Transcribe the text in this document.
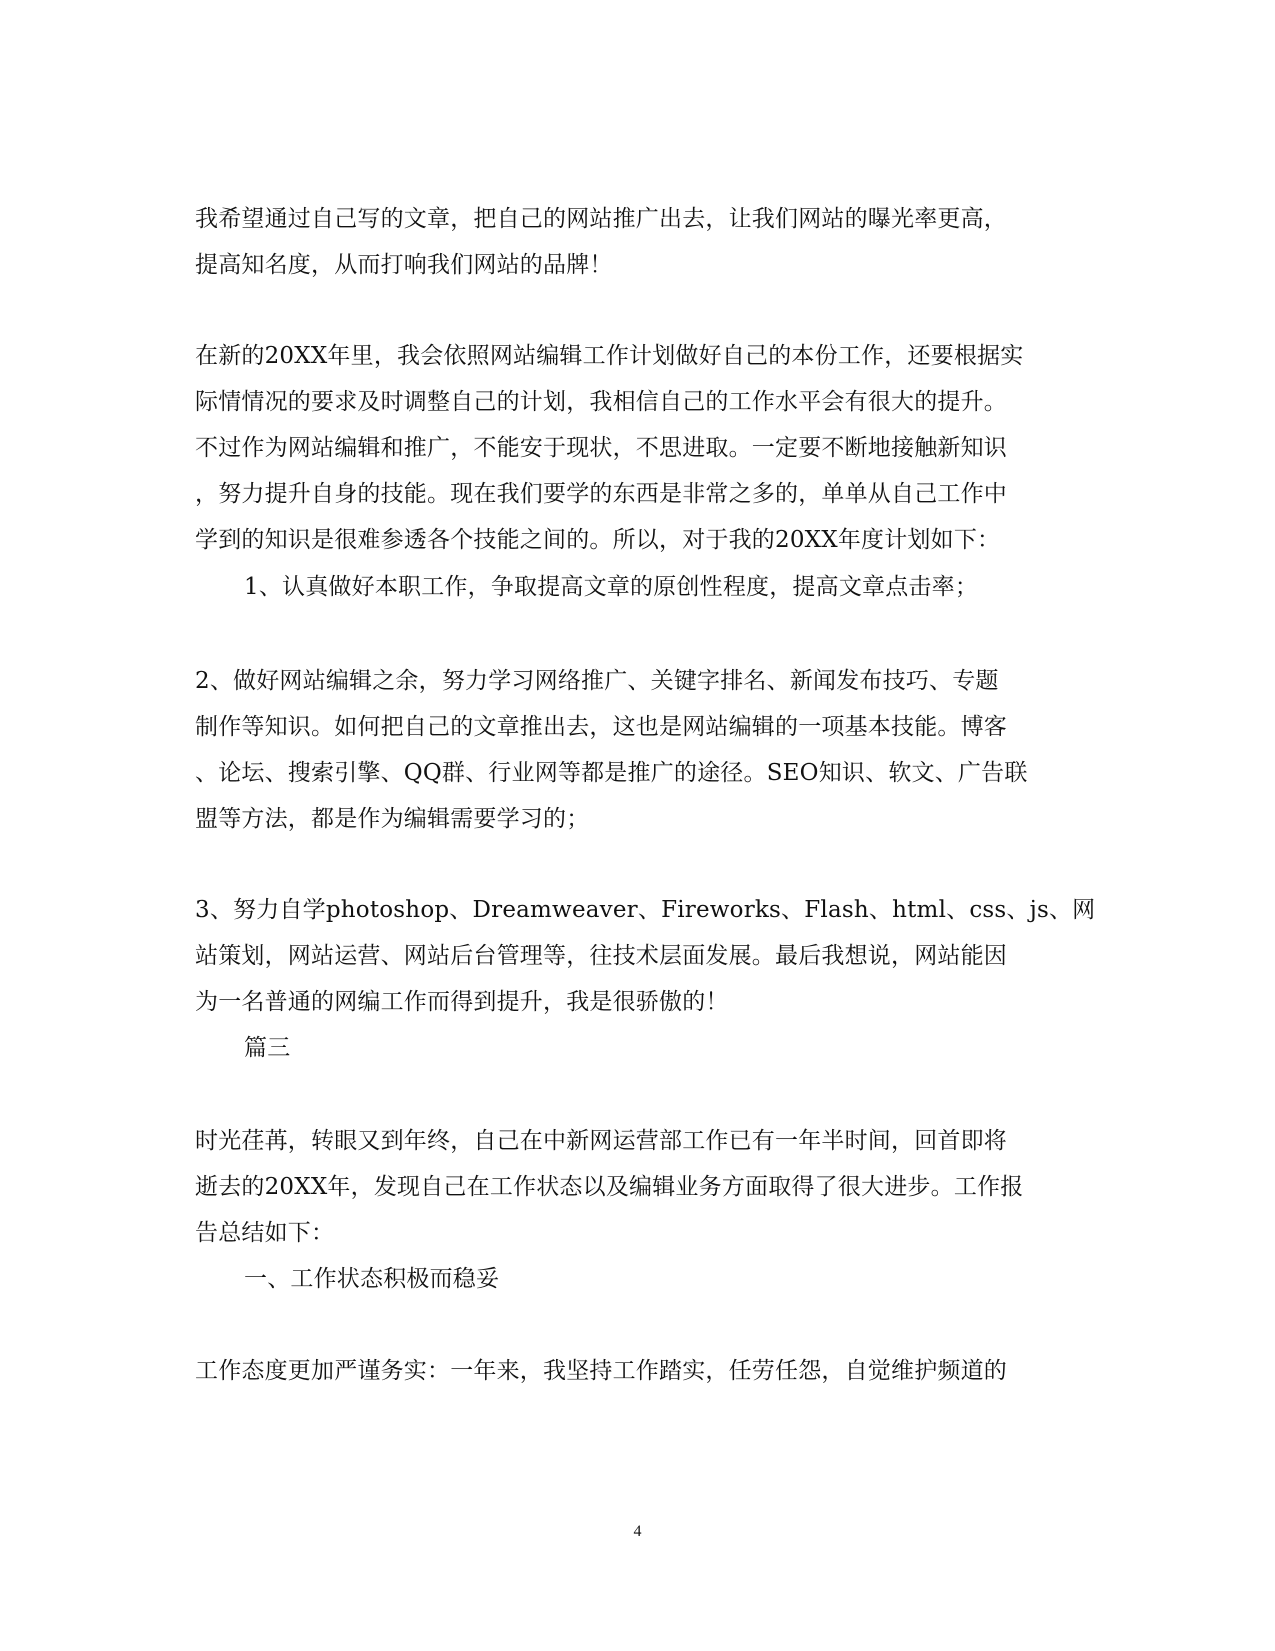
我希望通过自己写的文章，把自己的网站推广出去，让我们网站的曝光率更高，
提高知名度，从而打响我们网站的品牌！
在新的20XX年里，我会依照网站编辑工作计划做好自己的本份工作，还要根据实
际情情况的要求及时调整自己的计划，我相信自己的工作水平会有很大的提升。
不过作为网站编辑和推广，不能安于现状，不思进取。一定要不断地接触新知识
，努力提升自身的技能。现在我们要学的东西是非常之多的，单单从自己工作中
学到的知识是很难参透各个技能之间的。所以，对于我的20XX年度计划如下：
1、认真做好本职工作，争取提高文章的原创性程度，提高文章点击率；
2、做好网站编辑之余，努力学习网络推广、关键字排名、新闻发布技巧、专题
制作等知识。如何把自己的文章推出去，这也是网站编辑的一项基本技能。博客
、论坛、搜索引擎、QQ群、行业网等都是推广的途径。SEO知识、软文、广告联
盟等方法，都是作为编辑需要学习的；
3、努力自学photoshop、Dreamweaver、Fireworks、Flash、html、css、js、网
站策划，网站运营、网站后台管理等，往技术层面发展。最后我想说，网站能因
为一名普通的网编工作而得到提升，我是很骄傲的！
篇三
时光荏苒，转眼又到年终，自己在中新网运营部工作已有一年半时间，回首即将
逝去的20XX年，发现自己在工作状态以及编辑业务方面取得了很大进步。工作报
告总结如下：
一、工作状态积极而稳妥
工作态度更加严谨务实：一年来，我坚持工作踏实，任劳任怨，自觉维护频道的
4
